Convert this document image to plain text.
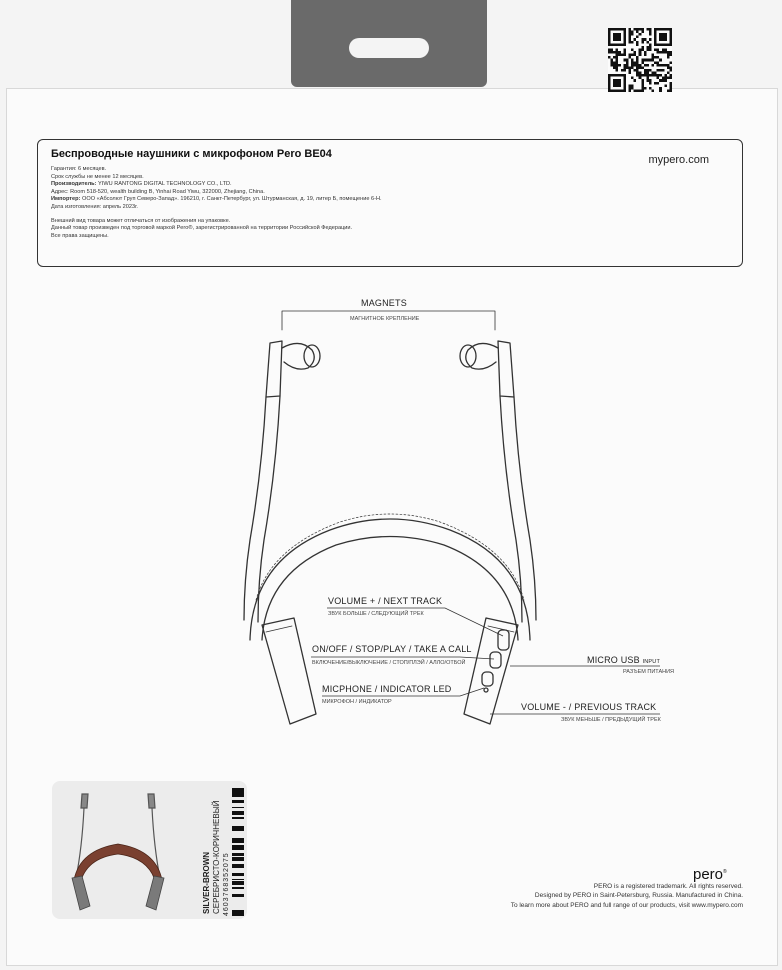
Беспроводные наушники с микрофоном Pero BE04
Гарантия: 6 месяцев.
Срок службы не менее 12 месяцев.
Производитель: YIWU RANTONG DIGITAL TECHNOLOGY CO., LTD.
Адрес: Room 518-520, wealth building B, Yinhai Road Yiwu, 322000, Zhejiang, China.
Импортер: ООО «Абсолют Груп Северо-Запад». 196210, г. Санкт-Петербург, ул. Штурманская, д. 19, литер Б, помещение 6-Н.
Дата изготовления: апрель 2023г.
Внешний вид товара может отличаться от изображения на упаковке.
Данный товар произведен под торговой маркой Pero®, зарегистрированной на территории Российской Федерации.
Все права защищены.
mypero.com
MAGNETS
МАГНИТНОЕ КРЕПЛЕНИЕ
VOLUME + / NEXT TRACK
ЗВУК БОЛЬШЕ / СЛЕДУЮЩИЙ ТРЕК
ON/OFF / STOP/PLAY / TAKE A CALL
ВКЛЮЧЕНИЕ/ВЫКЛЮЧЕНИЕ / СТОП/ПЛЭЙ / АЛЛО/ОТБОЙ
MICPHONE / INDICATOR LED
МИКРОФОН / ИНДИКАТОР
MICRO USB INPUT
РАЗЪЕМ ПИТАНИЯ
VOLUME - / PREVIOUS TRACK
ЗВУК МЕНЬШЕ / ПРЕДЫДУЩИЙ ТРЕК
SILVER-BROWN СЕРЕБРИСТО-КОРИЧНЕВЫЙ 4603768352075	pero®
PERO is a registered trademark. All rights reserved.
Designed by PERO in Saint-Petersburg, Russia. Manufactured in China.
To learn more about PERO and full range of our products, visit www.mypero.com
